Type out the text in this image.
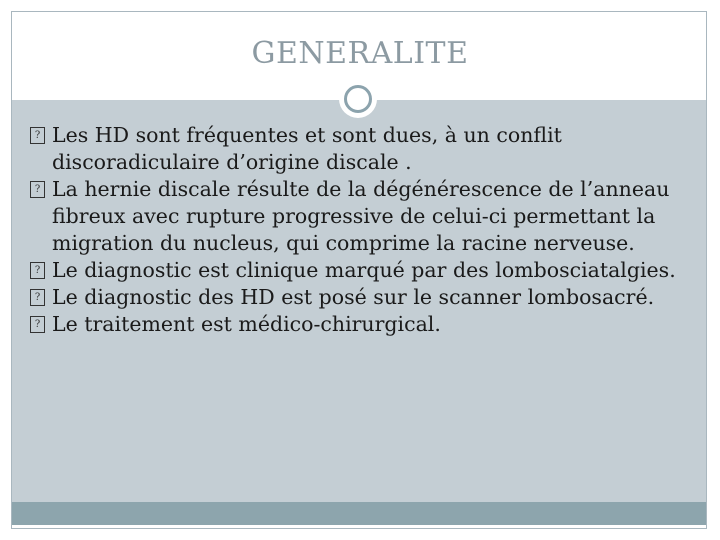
GENERALITE
? Les HD sont fréquentes et sont dues, à un conflit discoradiculaire d’origine discale .
? La hernie discale résulte de la dégénérescence de l’anneau fibreux avec rupture progressive de celui-ci permettant la migration du nucleus, qui comprime la racine nerveuse.
? Le diagnostic est clinique marqué par des lombosciatalgies.
? Le diagnostic des HD est posé sur le scanner lombosacré.
? Le traitement est médico-chirurgical.
